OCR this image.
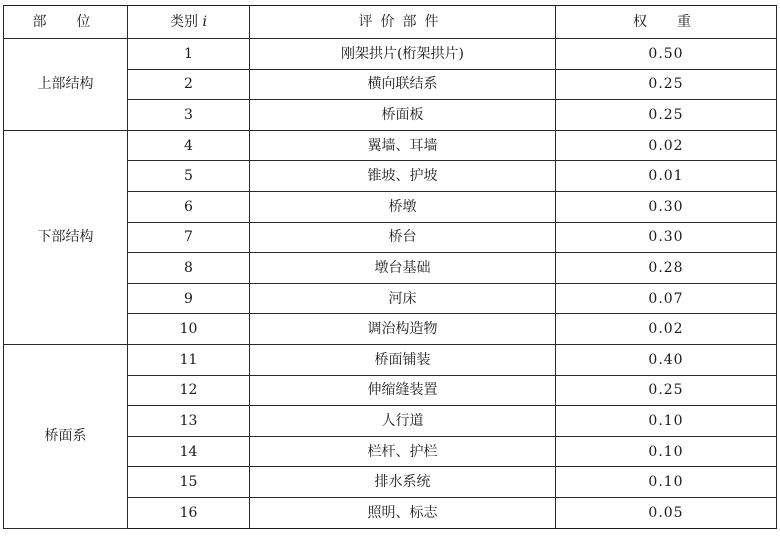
部　位	类别 i	评价部件	权　重
上部结构	1	刚架拱片(桁架拱片)	0.50
	2	横向联结系	0.25
	3	桥面板	0.25
下部结构	4	翼墙、耳墙	0.02
	5	锥坡、护坡	0.01
	6	桥墩	0.30
	7	桥台	0.30
	8	墩台基础	0.28
	9	河床	0.07
	10	调治构造物	0.02
桥面系	11	桥面铺装	0.40
	12	伸缩缝装置	0.25
	13	人行道	0.10
	14	栏杆、护栏	0.10
	15	排水系统	0.10
	16	照明、标志	0.05
